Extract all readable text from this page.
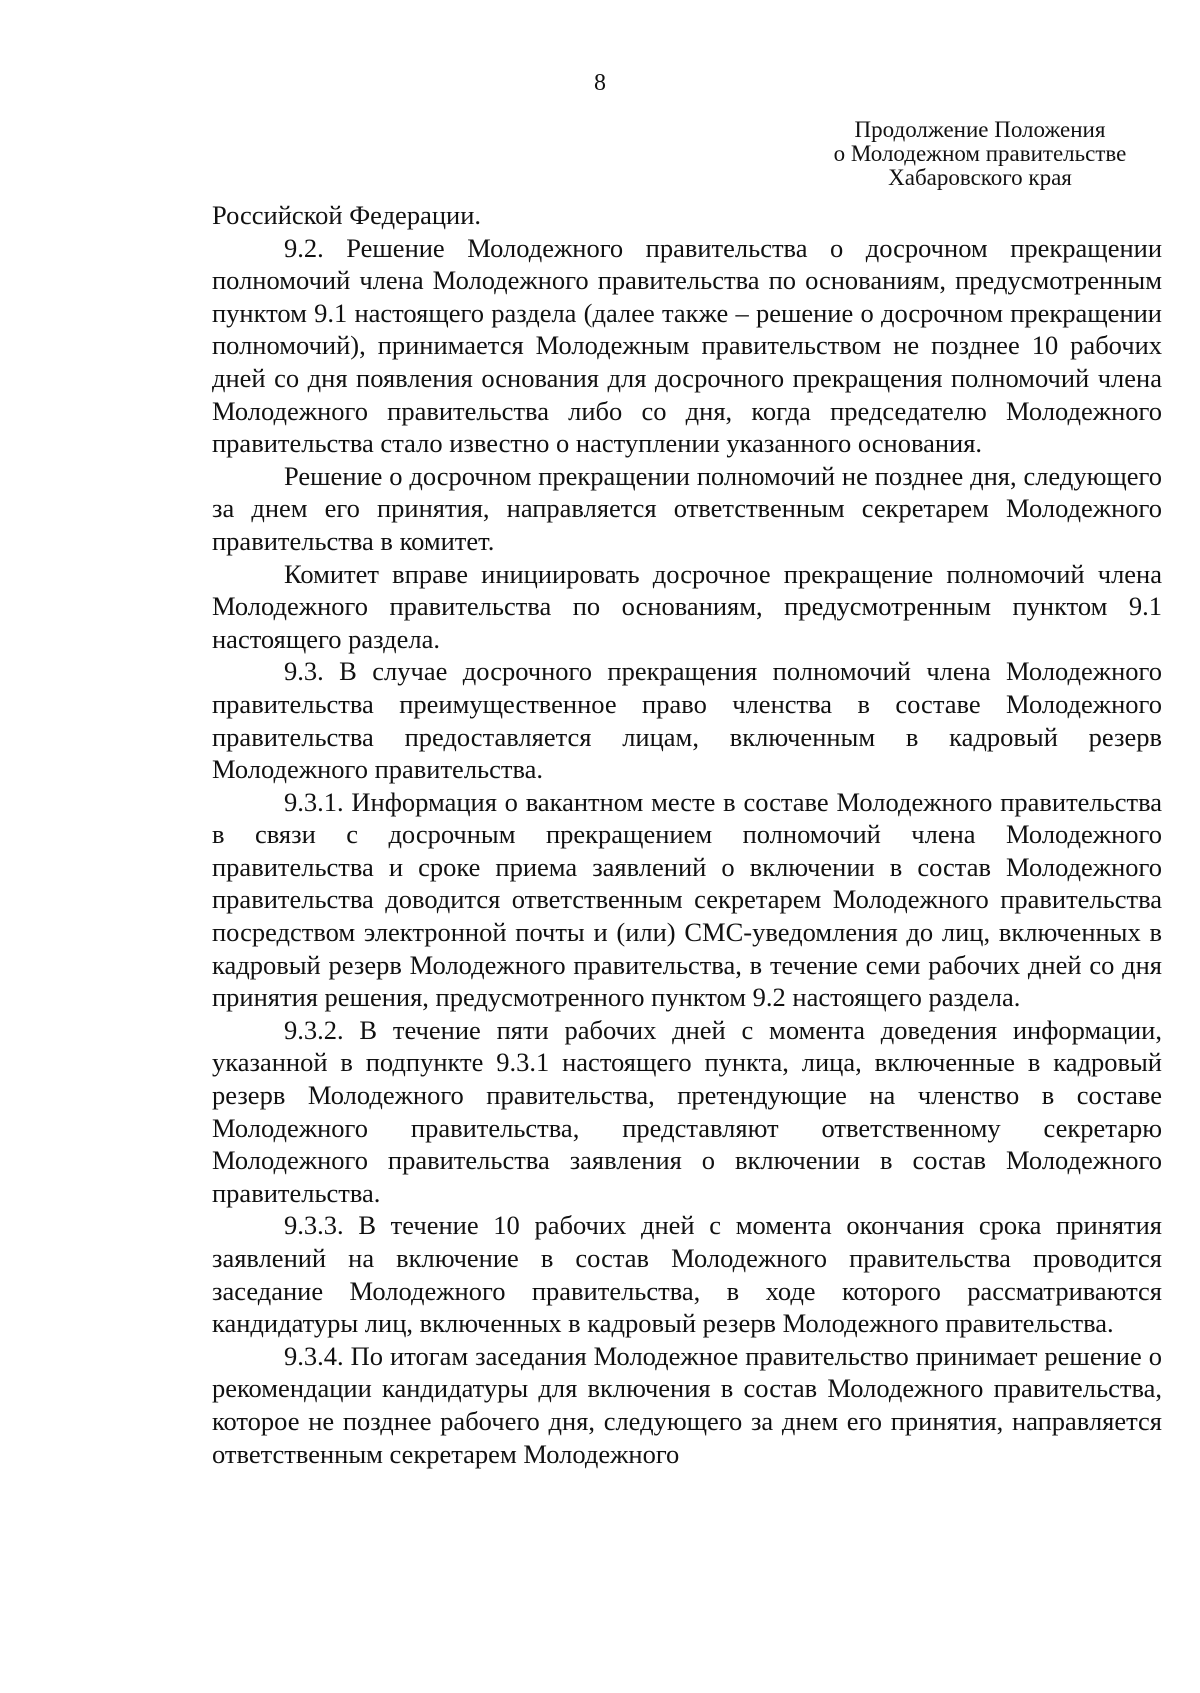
8
Продолжение Положения
о Молодежном правительстве
Хабаровского края

Российской Федерации.

9.2. Решение Молодежного правительства о досрочном прекращении полномочий члена Молодежного правительства по основаниям, предусмотренным пунктом 9.1 настоящего раздела (далее также – решение о досрочном прекращении полномочий), принимается Молодежным правительством не позднее 10 рабочих дней со дня появления основания для досрочного прекращения полномочий члена Молодежного правительства либо со дня, когда председателю Молодежного правительства стало известно о наступлении указанного основания.

Решение о досрочном прекращении полномочий не позднее дня, следующего за днем его принятия, направляется ответственным секретарем Молодежного правительства в комитет.

Комитет вправе инициировать досрочное прекращение полномочий члена Молодежного правительства по основаниям, предусмотренным пунктом 9.1 настоящего раздела.

9.3. В случае досрочного прекращения полномочий члена Молодежного правительства преимущественное право членства в составе Молодежного правительства предоставляется лицам, включенным в кадровый резерв Молодежного правительства.

9.3.1. Информация о вакантном месте в составе Молодежного правительства в связи с досрочным прекращением полномочий члена Молодежного правительства и сроке приема заявлений о включении в состав Молодежного правительства доводится ответственным секретарем Молодежного правительства посредством электронной почты и (или) СМС-уведомления до лиц, включенных в кадровый резерв Молодежного правительства, в течение семи рабочих дней со дня принятия решения, предусмотренного пунктом 9.2 настоящего раздела.

9.3.2. В течение пяти рабочих дней с момента доведения информации, указанной в подпункте 9.3.1 настоящего пункта, лица, включенные в кадровый резерв Молодежного правительства, претендующие на членство в составе Молодежного правительства, представляют ответственному секретарю Молодежного правительства заявления о включении в состав Молодежного правительства.

9.3.3. В течение 10 рабочих дней с момента окончания срока принятия заявлений на включение в состав Молодежного правительства проводится заседание Молодежного правительства, в ходе которого рассматриваются кандидатуры лиц, включенных в кадровый резерв Молодежного правительства.

9.3.4. По итогам заседания Молодежное правительство принимает решение о рекомендации кандидатуры для включения в состав Молодежного правительства, которое не позднее рабочего дня, следующего за днем его принятия, направляется ответственным секретарем Молодежного
